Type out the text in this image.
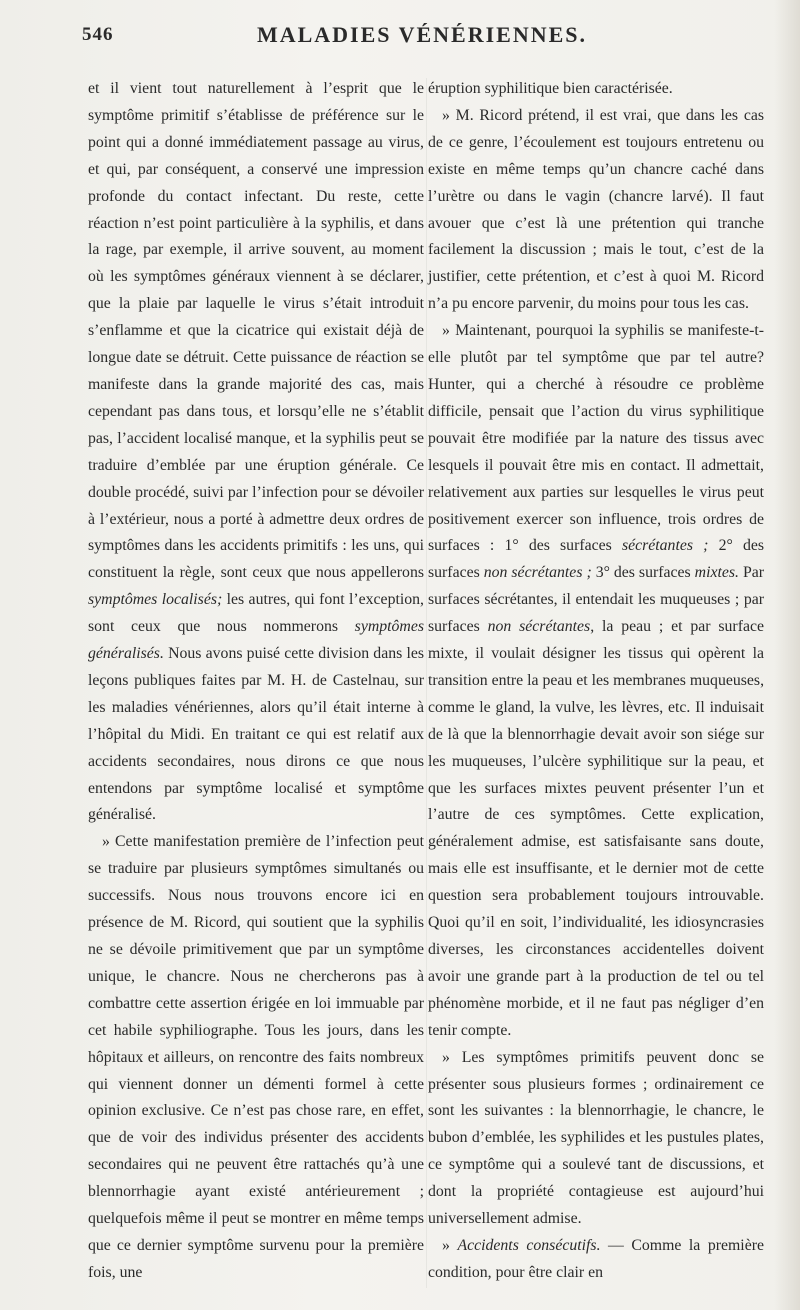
546	MALADIES VÉNÉRIENNES.

et il vient tout naturellement à l’esprit que le symptôme primitif s’établisse de préférence sur le point qui a donné immédiatement passage au virus, et qui, par conséquent, a conservé une impression profonde du contact infectant. Du reste, cette réaction n’est point particulière à la syphilis, et dans la rage, par exemple, il arrive souvent, au moment où les symptômes généraux viennent à se déclarer, que la plaie par laquelle le virus s’était introduit s’enflamme et que la cicatrice qui existait déjà de longue date se détruit. Cette puissance de réaction se manifeste dans la grande majorité des cas, mais cependant pas dans tous, et lorsqu’elle ne s’établit pas, l’accident localisé manque, et la syphilis peut se traduire d’emblée par une éruption générale. Ce double procédé, suivi par l’infection pour se dévoiler à l’extérieur, nous a porté à admettre deux ordres de symptômes dans les accidents primitifs : les uns, qui constituent la règle, sont ceux que nous appellerons symptômes localisés; les autres, qui font l’exception, sont ceux que nous nommerons symptômes généralisés. Nous avons puisé cette division dans les leçons publiques faites par M. H. de Castelnau, sur les maladies vénériennes, alors qu’il était interne à l’hôpital du Midi. En traitant ce qui est relatif aux accidents secondaires, nous dirons ce que nous entendons par symptôme localisé et symptôme généralisé.

» Cette manifestation première de l’infection peut se traduire par plusieurs symptômes simultanés ou successifs. Nous nous trouvons encore ici en présence de M. Ricord, qui soutient que la syphilis ne se dévoile primitivement que par un symptôme unique, le chancre. Nous ne chercherons pas à combattre cette assertion érigée en loi immuable par cet habile syphiliographe. Tous les jours, dans les hôpitaux et ailleurs, on rencontre des faits nombreux qui viennent donner un démenti formel à cette opinion exclusive. Ce n’est pas chose rare, en effet, que de voir des individus présenter des accidents secondaires qui ne peuvent être rattachés qu’à une blennorrhagie ayant existé antérieurement ; quelquefois même il peut se montrer en même temps que ce dernier symptôme survenu pour la première fois, une

éruption syphilitique bien caractérisée.

» M. Ricord prétend, il est vrai, que dans les cas de ce genre, l’écoulement est toujours entretenu ou existe en même temps qu’un chancre caché dans l’urètre ou dans le vagin (chancre larvé). Il faut avouer que c’est là une prétention qui tranche facilement la discussion ; mais le tout, c’est de la justifier, cette prétention, et c’est à quoi M. Ricord n’a pu encore parvenir, du moins pour tous les cas.

» Maintenant, pourquoi la syphilis se manifeste-t-elle plutôt par tel symptôme que par tel autre? Hunter, qui a cherché à résoudre ce problème difficile, pensait que l’action du virus syphilitique pouvait être modifiée par la nature des tissus avec lesquels il pouvait être mis en contact. Il admettait, relativement aux parties sur lesquelles le virus peut positivement exercer son influence, trois ordres de surfaces : 1° des surfaces sécrétantes ; 2° des surfaces non sécrétantes ; 3° des surfaces mixtes. Par surfaces sécrétantes, il entendait les muqueuses ; par surfaces non sécrétantes, la peau ; et par surface mixte, il voulait désigner les tissus qui opèrent la transition entre la peau et les membranes muqueuses, comme le gland, la vulve, les lèvres, etc. Il induisait de là que la blennorrhagie devait avoir son siége sur les muqueuses, l’ulcère syphilitique sur la peau, et que les surfaces mixtes peuvent présenter l’un et l’autre de ces symptômes. Cette explication, généralement admise, est satisfaisante sans doute, mais elle est insuffisante, et le dernier mot de cette question sera probablement toujours introuvable. Quoi qu’il en soit, l’individualité, les idiosyncrasies diverses, les circonstances accidentelles doivent avoir une grande part à la production de tel ou tel phénomène morbide, et il ne faut pas négliger d’en tenir compte.

» Les symptômes primitifs peuvent donc se présenter sous plusieurs formes ; ordinairement ce sont les suivantes : la blennorrhagie, le chancre, le bubon d’emblée, les syphilides et les pustules plates, ce symptôme qui a soulevé tant de discussions, et dont la propriété contagieuse est aujourd’hui universellement admise.

» Accidents consécutifs. — Comme la première condition, pour être clair en
